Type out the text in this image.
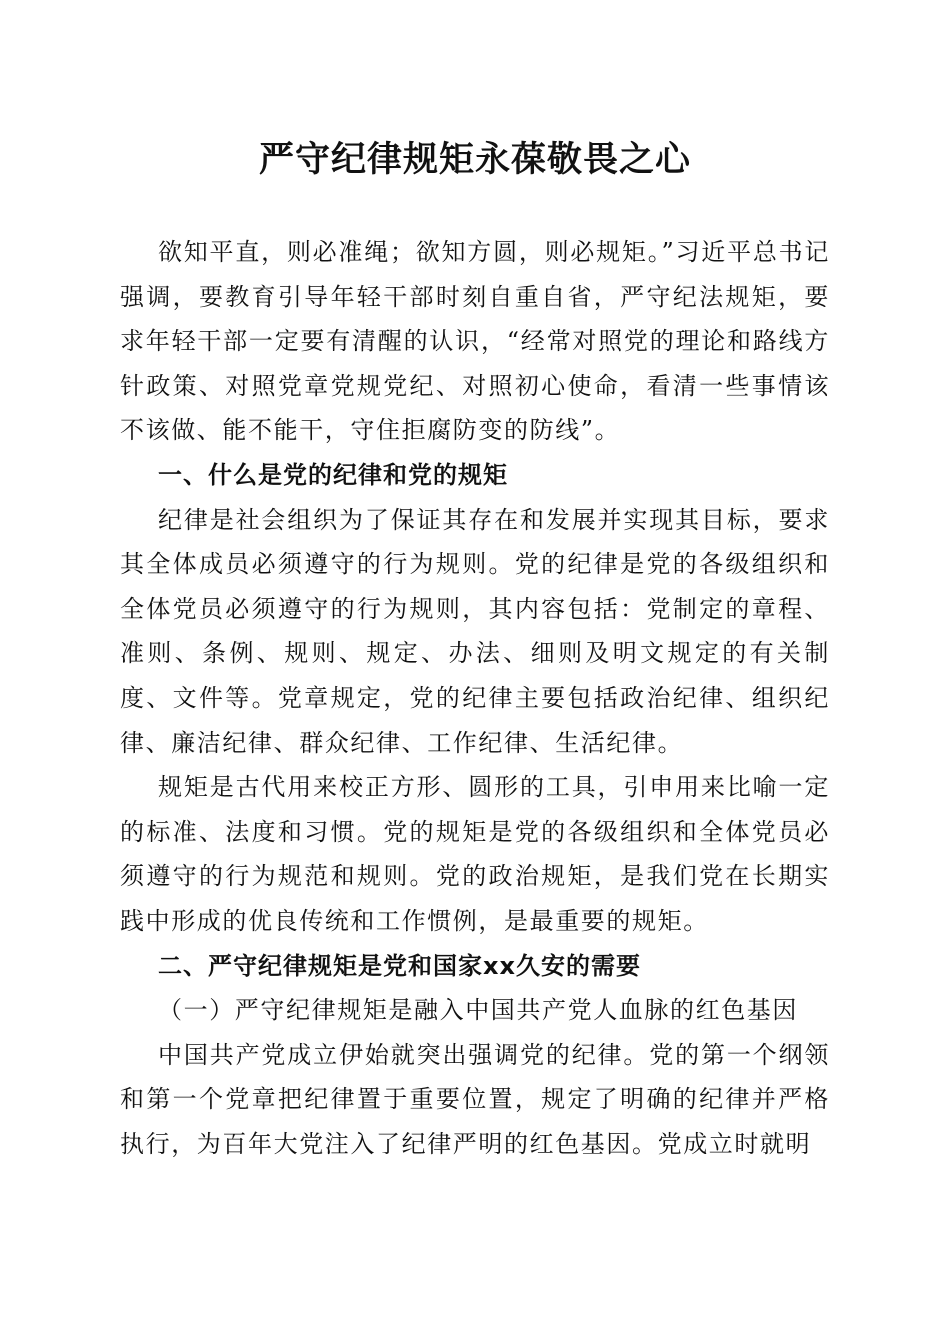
严守纪律规矩永葆敬畏之心

欲知平直，则必准绳；欲知方圆，则必规矩。”习近平总书记强调，要教育引导年轻干部时刻自重自省，严守纪法规矩，要求年轻干部一定要有清醒的认识，“经常对照党的理论和路线方针政策、对照党章党规党纪、对照初心使命，看清一些事情该不该做、能不能干，守住拒腐防变的防线”。

一、什么是党的纪律和党的规矩

纪律是社会组织为了保证其存在和发展并实现其目标，要求其全体成员必须遵守的行为规则。党的纪律是党的各级组织和全体党员必须遵守的行为规则，其内容包括：党制定的章程、准则、条例、规则、规定、办法、细则及明文规定的有关制度、文件等。党章规定，党的纪律主要包括政治纪律、组织纪律、廉洁纪律、群众纪律、工作纪律、生活纪律。

规矩是古代用来校正方形、圆形的工具，引申用来比喻一定的标准、法度和习惯。党的规矩是党的各级组织和全体党员必须遵守的行为规范和规则。党的政治规矩，是我们党在长期实践中形成的优良传统和工作惯例，是最重要的规矩。

二、严守纪律规矩是党和国家xx久安的需要
（一）严守纪律规矩是融入中国共产党人血脉的红色基因

中国共产党成立伊始就突出强调党的纪律。党的第一个纲领和第一个党章把纪律置于重要位置，规定了明确的纪律并严格执行，为百年大党注入了纪律严明的红色基因。党成立时就明
